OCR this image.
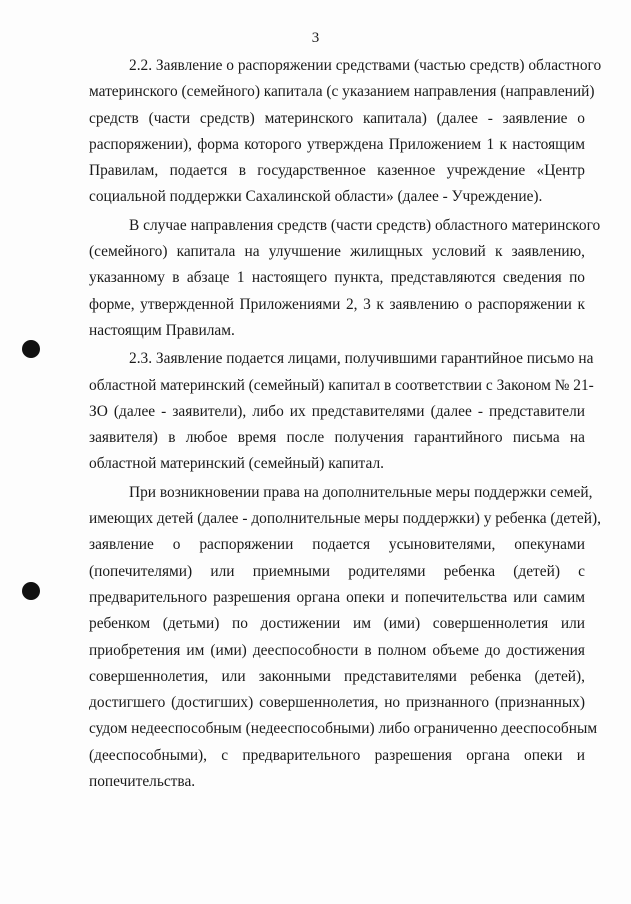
3
2.2. Заявление о распоряжении средствами (частью средств) областного
материнского (семейного) капитала (с указанием направления (направлений)
средств (части средств) материнского капитала) (далее - заявление о
распоряжении), форма которого утверждена Приложением 1 к настоящим
Правилам, подается в государственное казенное учреждение «Центр
социальной поддержки Сахалинской области» (далее - Учреждение).
В случае направления средств (части средств) областного материнского
(семейного) капитала на улучшение жилищных условий к заявлению,
указанному в абзаце 1 настоящего пункта, представляются сведения по
форме, утвержденной Приложениями 2, 3 к заявлению о распоряжении к
настоящим Правилам.
2.3. Заявление подается лицами, получившими гарантийное письмо на
областной материнский (семейный) капитал в соответствии с Законом № 21-
ЗО (далее - заявители), либо их представителями (далее - представители
заявителя) в любое время после получения гарантийного письма на
областной материнский (семейный) капитал.
При возникновении права на дополнительные меры поддержки семей,
имеющих детей (далее - дополнительные меры поддержки) у ребенка (детей),
заявление о распоряжении подается усыновителями, опекунами
(попечителями) или приемными родителями ребенка (детей) с
предварительного разрешения органа опеки и попечительства или самим
ребенком (детьми) по достижении им (ими) совершеннолетия или
приобретения им (ими) дееспособности в полном объеме до достижения
совершеннолетия, или законными представителями ребенка (детей),
достигшего (достигших) совершеннолетия, но признанного (признанных)
судом недееспособным (недееспособными) либо ограниченно дееспособным
(дееспособными), с предварительного разрешения органа опеки и
попечительства.
